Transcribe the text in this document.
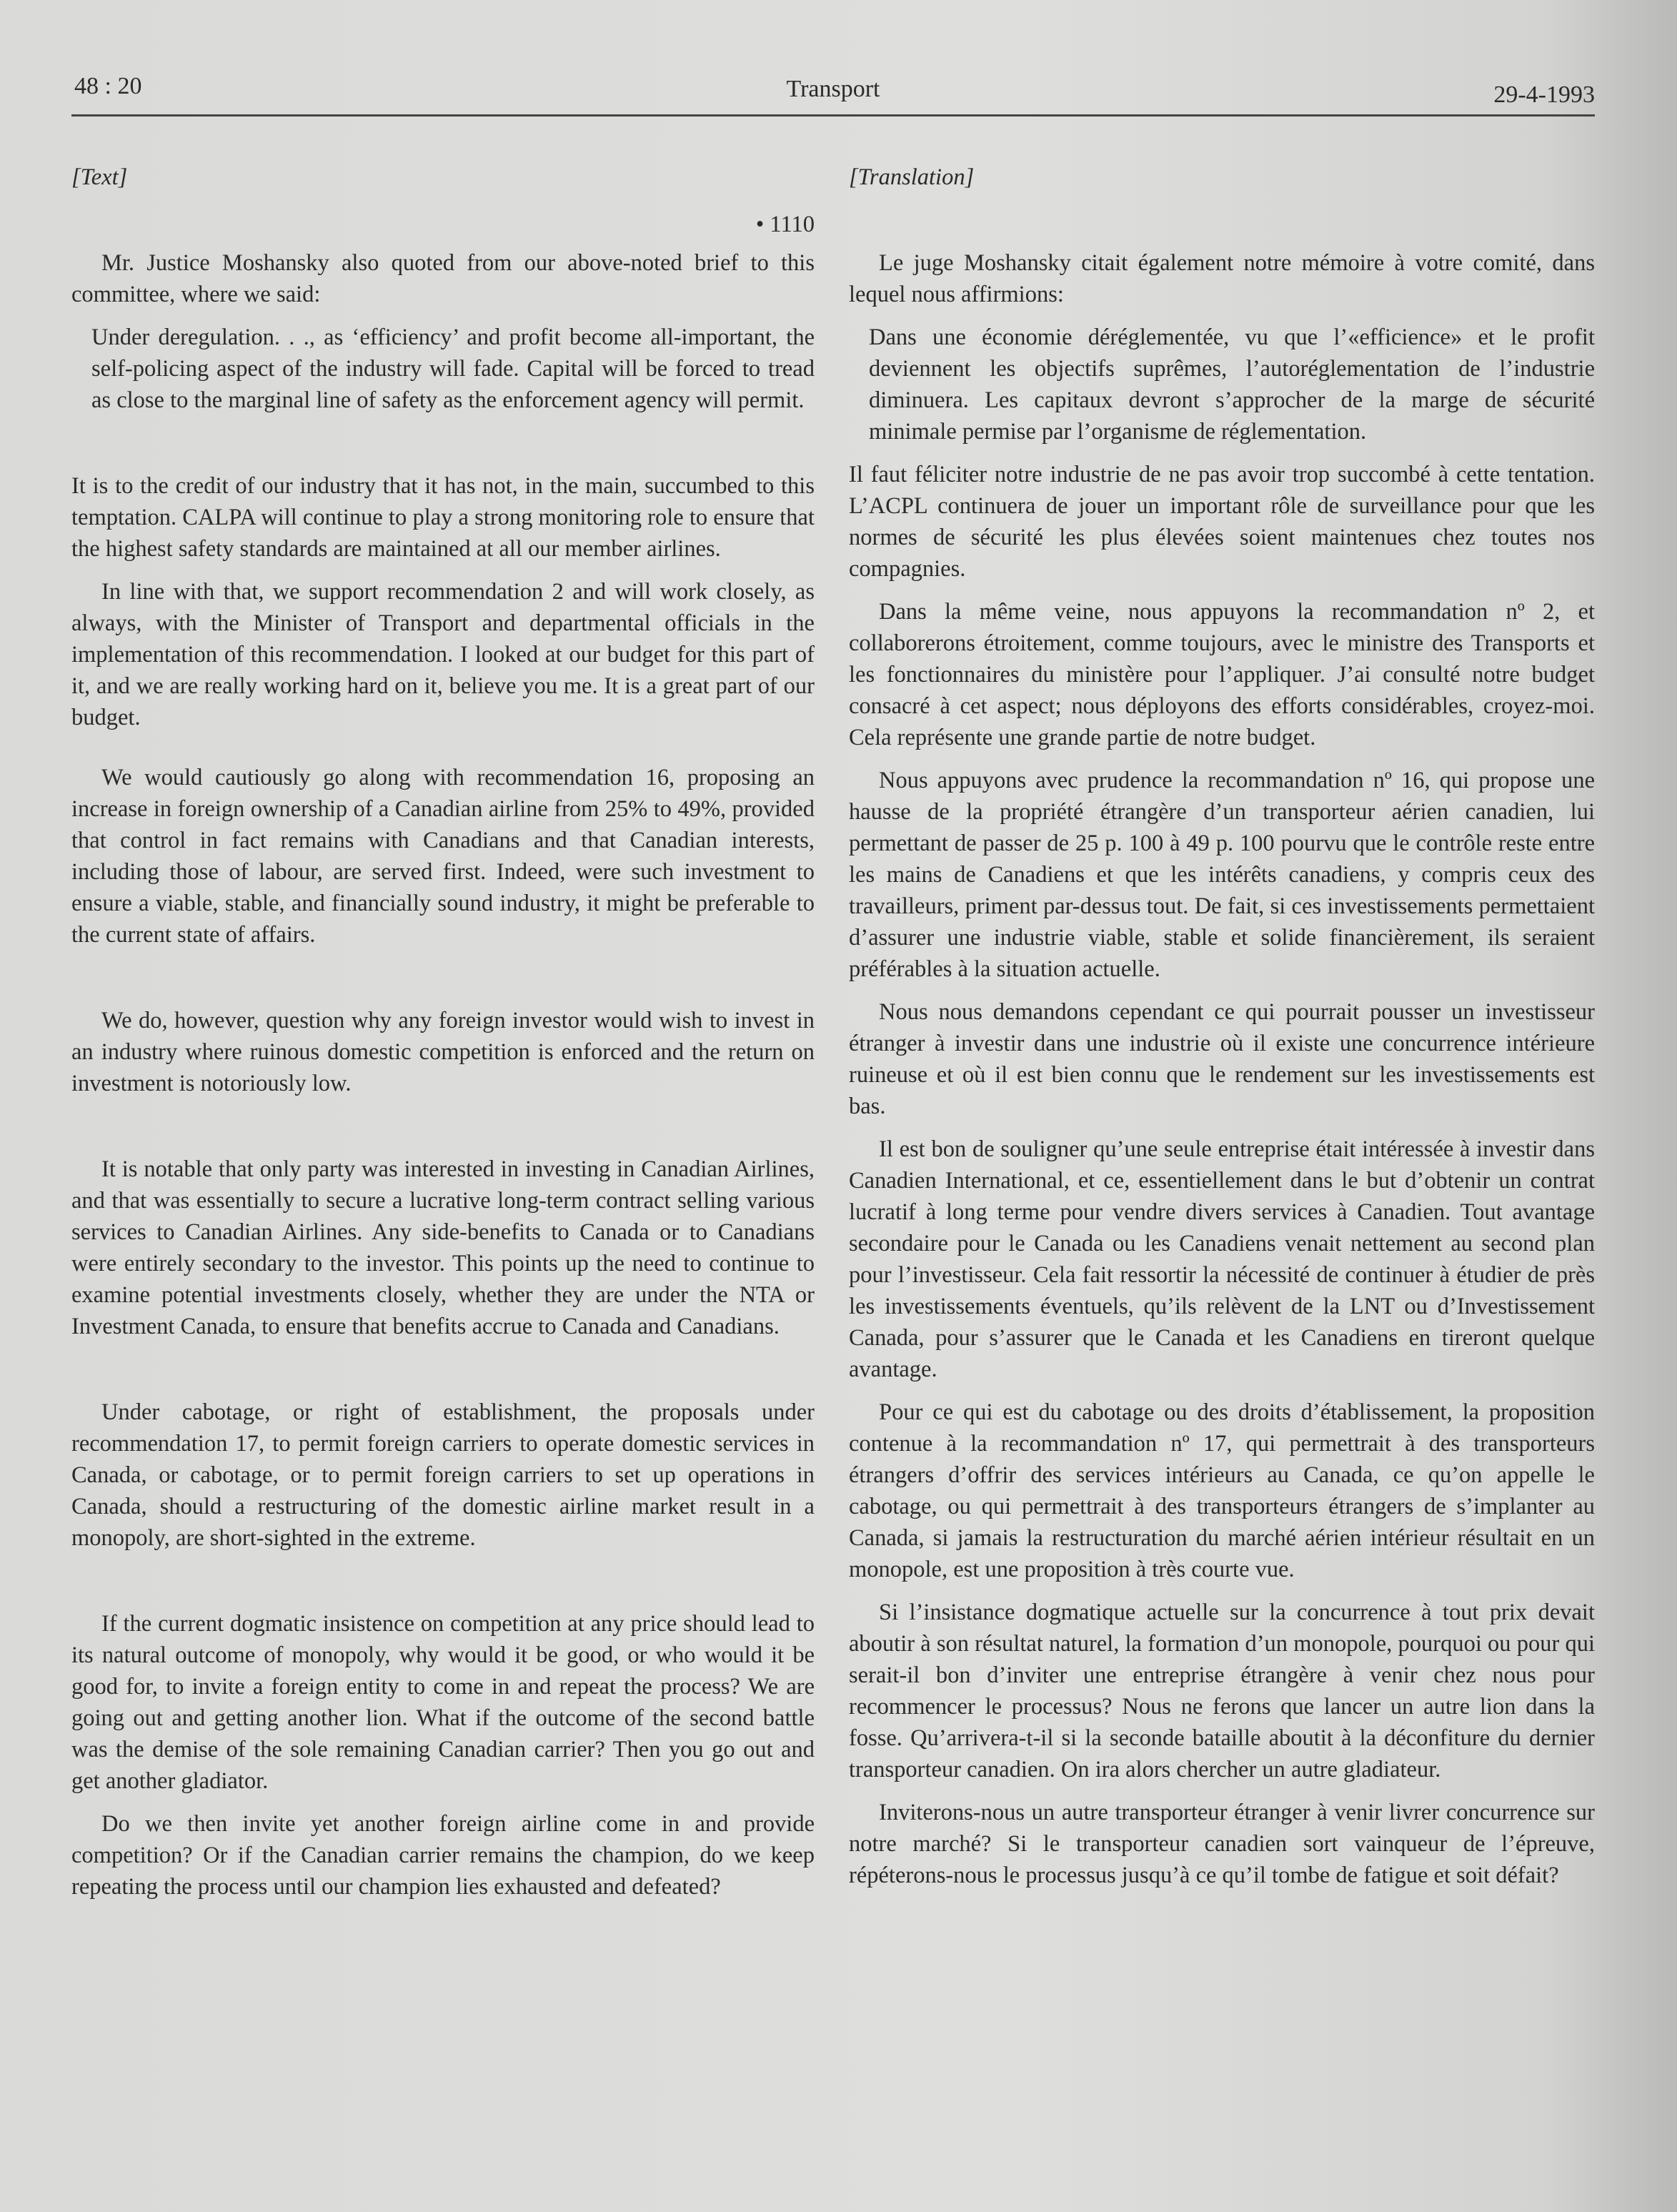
48 : 20	Transport	29-4-1993
[Text]
• 1110

Mr. Justice Moshansky also quoted from our above-noted brief to this committee, where we said:

Under deregulation. . ., as ‘efficiency’ and profit become all-important, the self-policing aspect of the industry will fade. Capital will be forced to tread as close to the marginal line of safety as the enforcement agency will permit.

It is to the credit of our industry that it has not, in the main, succumbed to this temptation. CALPA will continue to play a strong monitoring role to ensure that the highest safety standards are maintained at all our member airlines.

In line with that, we support recommendation 2 and will work closely, as always, with the Minister of Transport and departmental officials in the implementation of this recommendation. I looked at our budget for this part of it, and we are really working hard on it, believe you me. It is a great part of our budget.

We would cautiously go along with recommendation 16, proposing an increase in foreign ownership of a Canadian airline from 25% to 49%, provided that control in fact remains with Canadians and that Canadian interests, including those of labour, are served first. Indeed, were such investment to ensure a viable, stable, and financially sound industry, it might be preferable to the current state of affairs.

We do, however, question why any foreign investor would wish to invest in an industry where ruinous domestic competition is enforced and the return on investment is notoriously low.

It is notable that only party was interested in investing in Canadian Airlines, and that was essentially to secure a lucrative long-term contract selling various services to Canadian Airlines. Any side-benefits to Canada or to Canadians were entirely secondary to the investor. This points up the need to continue to examine potential investments closely, whether they are under the NTA or Investment Canada, to ensure that benefits accrue to Canada and Canadians.

Under cabotage, or right of establishment, the proposals under recommendation 17, to permit foreign carriers to operate domestic services in Canada, or cabotage, or to permit foreign carriers to set up operations in Canada, should a restructuring of the domestic airline market result in a monopoly, are short-sighted in the extreme.

If the current dogmatic insistence on competition at any price should lead to its natural outcome of monopoly, why would it be good, or who would it be good for, to invite a foreign entity to come in and repeat the process? We are going out and getting another lion. What if the outcome of the second battle was the demise of the sole remaining Canadian carrier? Then you go out and get another gladiator.

Do we then invite yet another foreign airline come in and provide competition? Or if the Canadian carrier remains the champion, do we keep repeating the process until our champion lies exhausted and defeated?

[Translation]

Le juge Moshansky citait également notre mémoire à votre comité, dans lequel nous affirmions:

Dans une économie déréglementée, vu que l’«efficience» et le profit deviennent les objectifs suprêmes, l’autoréglementation de l’industrie diminuera. Les capitaux devront s’approcher de la marge de sécurité minimale permise par l’organisme de réglementation.

Il faut féliciter notre industrie de ne pas avoir trop succombé à cette tentation. L’ACPL continuera de jouer un important rôle de surveillance pour que les normes de sécurité les plus élevées soient maintenues chez toutes nos compagnies.

Dans la même veine, nous appuyons la recommandation nº 2, et collaborerons étroitement, comme toujours, avec le ministre des Transports et les fonctionnaires du ministère pour l’appliquer. J’ai consulté notre budget consacré à cet aspect; nous déployons des efforts considérables, croyez-moi. Cela représente une grande partie de notre budget.

Nous appuyons avec prudence la recommandation nº 16, qui propose une hausse de la propriété étrangère d’un transporteur aérien canadien, lui permettant de passer de 25 p. 100 à 49 p. 100 pourvu que le contrôle reste entre les mains de Canadiens et que les intérêts canadiens, y compris ceux des travailleurs, priment par-dessus tout. De fait, si ces investissements permettaient d’assurer une industrie viable, stable et solide financièrement, ils seraient préférables à la situation actuelle.

Nous nous demandons cependant ce qui pourrait pousser un investisseur étranger à investir dans une industrie où il existe une concurrence intérieure ruineuse et où il est bien connu que le rendement sur les investissements est bas.

Il est bon de souligner qu’une seule entreprise était intéressée à investir dans Canadien International, et ce, essentiellement dans le but d’obtenir un contrat lucratif à long terme pour vendre divers services à Canadien. Tout avantage secondaire pour le Canada ou les Canadiens venait nettement au second plan pour l’investisseur. Cela fait ressortir la nécessité de continuer à étudier de près les investissements éventuels, qu’ils relèvent de la LNT ou d’Investissement Canada, pour s’assurer que le Canada et les Canadiens en tireront quelque avantage.

Pour ce qui est du cabotage ou des droits d’établissement, la proposition contenue à la recommandation nº 17, qui permettrait à des transporteurs étrangers d’offrir des services intérieurs au Canada, ce qu’on appelle le cabotage, ou qui permettrait à des transporteurs étrangers de s’implanter au Canada, si jamais la restructuration du marché aérien intérieur résultait en un monopole, est une proposition à très courte vue.

Si l’insistance dogmatique actuelle sur la concurrence à tout prix devait aboutir à son résultat naturel, la formation d’un monopole, pourquoi ou pour qui serait-il bon d’inviter une entreprise étrangère à venir chez nous pour recommencer le processus? Nous ne ferons que lancer un autre lion dans la fosse. Qu’arrivera-t-il si la seconde bataille aboutit à la déconfiture du dernier transporteur canadien. On ira alors chercher un autre gladiateur.

Inviterons-nous un autre transporteur étranger à venir livrer concurrence sur notre marché? Si le transporteur canadien sort vainqueur de l’épreuve, répéterons-nous le processus jusqu’à ce qu’il tombe de fatigue et soit défait?
